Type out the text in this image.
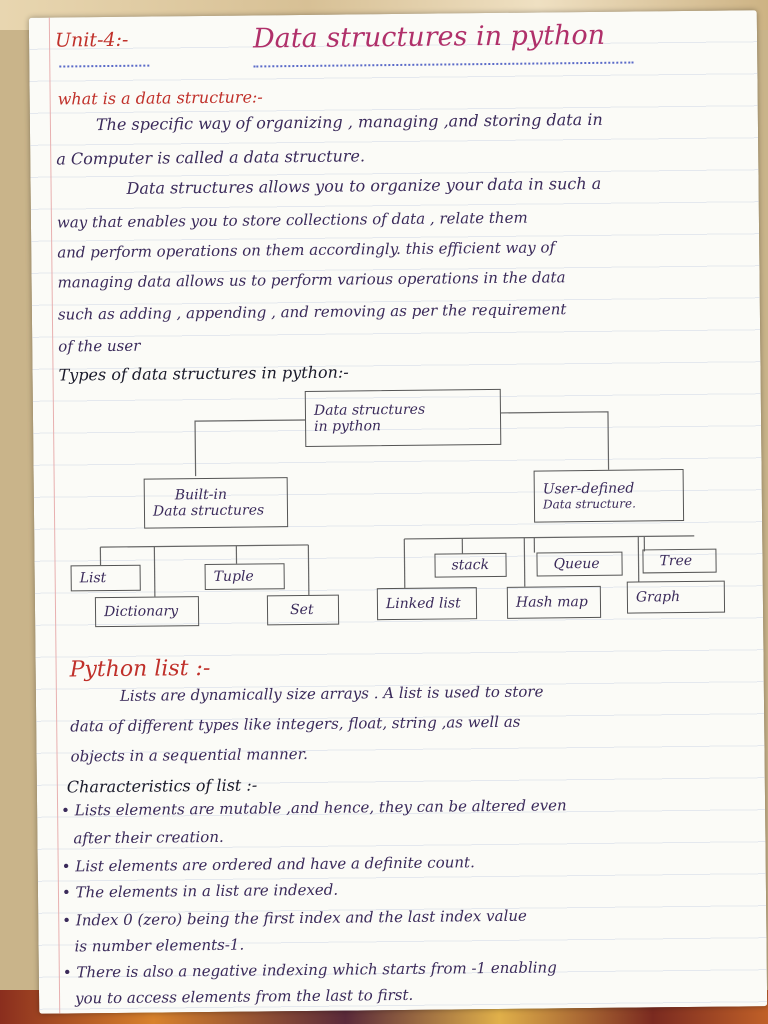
Unit-4:-	Data structures in python
what is a data structure:-
The specific way of organizing , managing ,and storing data in
a Computer is called a data structure.
Data structures allows you to organize your data in such a
way that enables you to store collections of data , relate them
and perform operations on them accordingly. this efficient way of
managing data allows us to perform various operations in the data
such as adding , appending , and removing as per the requirement
of the user
Types of data structures in python:-
Data structures
in python
Built-in
Data structures
User-defined
Data structure.
List	Tuple
Dictionary	Set
stack	Queue	Tree
Linked list	Hash map	Graph
Python list :-
Lists are dynamically size arrays . A list is used to store
data of different types like integers, float, string ,as well as
objects in a sequential manner.
Characteristics of list :-
• Lists elements are mutable ,and hence, they can be altered even
after their creation.
• List elements are ordered and have a definite count.
• The elements in a list are indexed.
• Index 0 (zero) being the first index and the last index value
is number elements-1.
• There is also a negative indexing which starts from -1 enabling
you to access elements from the last to first.
